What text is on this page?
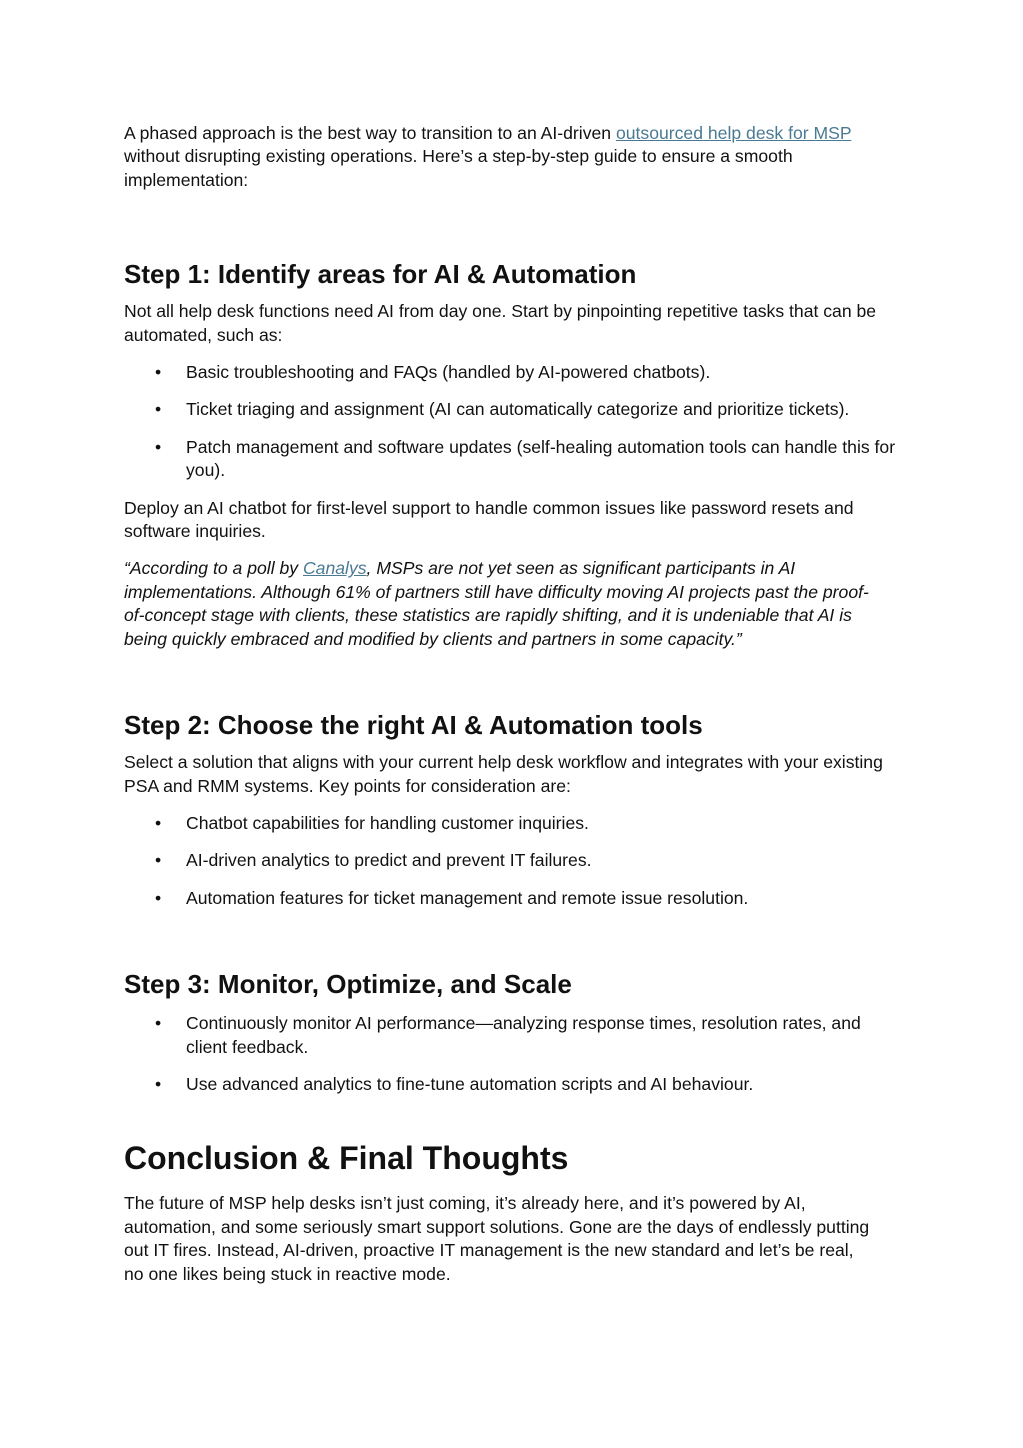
A phased approach is the best way to transition to an AI-driven outsourced help desk for MSP without disrupting existing operations. Here’s a step-by-step guide to ensure a smooth implementation:

Step 1: Identify areas for AI & Automation

Not all help desk functions need AI from day one. Start by pinpointing repetitive tasks that can be automated, such as:

• Basic troubleshooting and FAQs (handled by AI-powered chatbots).
• Ticket triaging and assignment (AI can automatically categorize and prioritize tickets).
• Patch management and software updates (self-healing automation tools can handle this for you).

Deploy an AI chatbot for first-level support to handle common issues like password resets and software inquiries.

“According to a poll by Canalys, MSPs are not yet seen as significant participants in AI implementations. Although 61% of partners still have difficulty moving AI projects past the proof-of-concept stage with clients, these statistics are rapidly shifting, and it is undeniable that AI is being quickly embraced and modified by clients and partners in some capacity.”

Step 2: Choose the right AI & Automation tools

Select a solution that aligns with your current help desk workflow and integrates with your existing PSA and RMM systems. Key points for consideration are:

• Chatbot capabilities for handling customer inquiries.
• AI-driven analytics to predict and prevent IT failures.
• Automation features for ticket management and remote issue resolution.
Step 3: Monitor, Optimize, and Scale
• Continuously monitor AI performance—analyzing response times, resolution rates, and client feedback.
• Use advanced analytics to fine-tune automation scripts and AI behaviour.
Conclusion & Final Thoughts

The future of MSP help desks isn’t just coming, it’s already here, and it’s powered by AI, automation, and some seriously smart support solutions. Gone are the days of endlessly putting out IT fires. Instead, AI-driven, proactive IT management is the new standard and let’s be real, no one likes being stuck in reactive mode.
